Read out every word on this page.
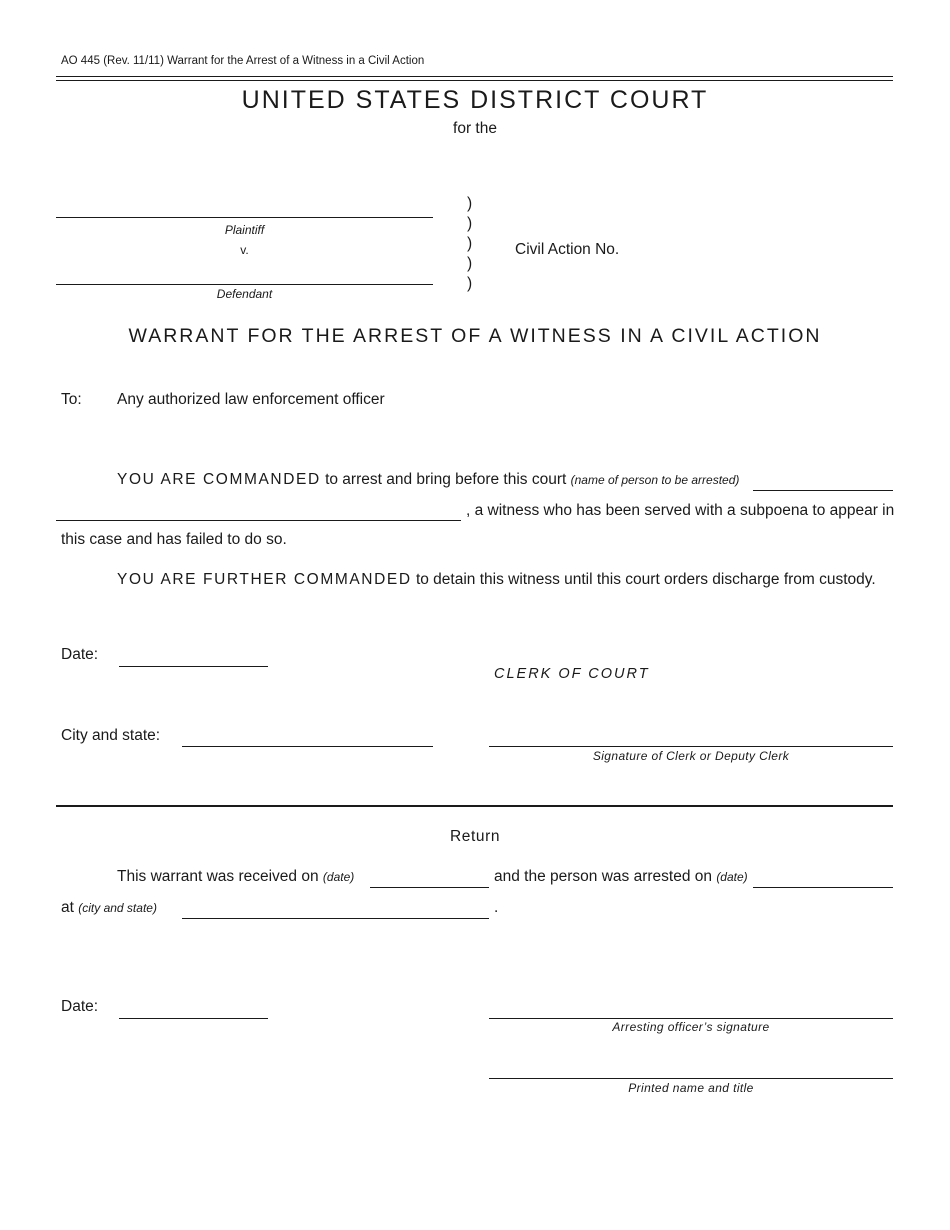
AO 445 (Rev. 11/11) Warrant for the Arrest of a Witness in a Civil Action
UNITED STATES DISTRICT COURT
for the
Plaintiff
v.
Defendant
)
)
)
)
)
Civil Action No.
WARRANT FOR THE ARREST OF A WITNESS IN A CIVIL ACTION
To: Any authorized law enforcement officer
YOU ARE COMMANDED to arrest and bring before this court (name of person to be arrested)
, a witness who has been served with a subpoena to appear in
this case and has failed to do so.
YOU ARE FURTHER COMMANDED to detain this witness until this court orders discharge from custody.
Date:
CLERK OF COURT
City and state:
Signature of Clerk or Deputy Clerk
Return
This warrant was received on (date)	and the person was arrested on (date)
at (city and state)	.
Date:
Arresting officer’s signature
Printed name and title
